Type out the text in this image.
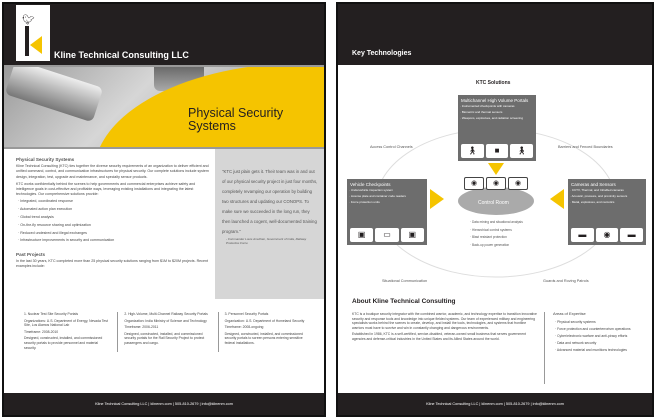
🐦︎
Kline Technical Consulting LLC
Physical Security Systems
Physical Security Systems

Kline Technical Consulting (KTC) ties together the diverse security requirements of an organization to deliver efficient and unified command, control, and communication infrastructures for physical security. Our complete solutions include system design, integration, test, upgrade and maintenance, and specialty sensor products.

KTC works confidentially behind the scenes to help governments and commercial enterprises achieve safety and intelligence goals in cost-effective and profitable ways, leveraging existing installations and integrating the latest technologies. Our comprehensive solutions provide:

· Integrated, coordinated response
· Automated action plan execution
· Global trend analysis
· On-the-fly resource sharing and optimization
· Reduced undesired and illegal exchanges
· Infrastructure improvements in security and communication
Past Projects

In the last 30 years, KTC completed more than 25 physical security solutions ranging from $1M to $20M projects. Recent examples include:

"KTC just plain gets it. Their team was in and out of our physical security project in just four months, completely revamping our operation by building two structures and updating our CONOPS. To make sure we succeeded in the long run, they then launched a cogent, well-documented training program."
- Commander Louis Amuthan, Government of India, Railway Protective Force
1. Nuclear Test Site Security Portals
Organizations: U.S. Department of Energy, Nevada Test Site, Los Alamos National Lab
Timeframe: 2008-2010
Designed, constructed, installed, and commissioned security portals to provide personnel and material security.
2. High-Volume, Multi-Channel Railway Security Portals
Organization: India Ministry of Science and Technology
Timeframe: 2006-2011
Designed, constructed, installed, and commissioned security portals for the Rail Security Project to protect passengers and cargo.
3. Personnel Security Portals
Organization: U.S. Department of Homeland Security
Timeframe: 2008-ongoing
Designed, constructed, installed, and commissioned security portals to screen persons entering sensitive federal installations.
Kline Technical Consulting LLC | klinenm.com | 505-810-2679 | info@klinenm.com
Key Technologies
KTC Solutions
Multichannel High Volume Portals
· Instrumented checkpoints with cameras
· Biometric and thermal sensors
· Weapons, explosives, and radiation screening
🚶︎	■	🚶︎
Vehicle Checkpoints
· Undervehicle inspection system
· License plate and container code readers
· Force protection units
▣	▭	▣
Cameras and Sensors
· CCTV, Thermal, and InfraRed cameras
· Acoustic, pressure, and proximity sensors
· Metal, explosives, and narcotics
▬	◉	▬
◉	◉	◉
Control Room
· Data mining and situational analysis
· Hierarchical control systems
· Blast resistant protection
· Back-up power generation
Access Control Channels	Barriers and Fenced Boundaries
Situational Communication	Guards and Roving Patrols
About Kline Technical Consulting

KTC is a boutique security integrator with the combined warrior, academic, and technology expertise to transition innovative security and response tools and knowledge into unique fielded systems. Our team of experienced military and engineering specialists works behind the scenes to create, develop, and install the tools, technologies, and systems that frontline warriors must have to survive and win in constantly changing and dangerous environments.

Established in 1986, KTC is a self-certified, service-disabled, veteran-owned small business that serves government agencies and defense-critical industries in the United States and its Allied States around the world.

Areas of Expertise
· Physical security systems
· Force protection and counterterrorism operations
· Cyber/electronic warfare and anti-piracy efforts
· Data and network security
· Advanced material and munitions technologies
Kline Technical Consulting LLC | klinenm.com | 505-810-2679 | info@klinenm.com
